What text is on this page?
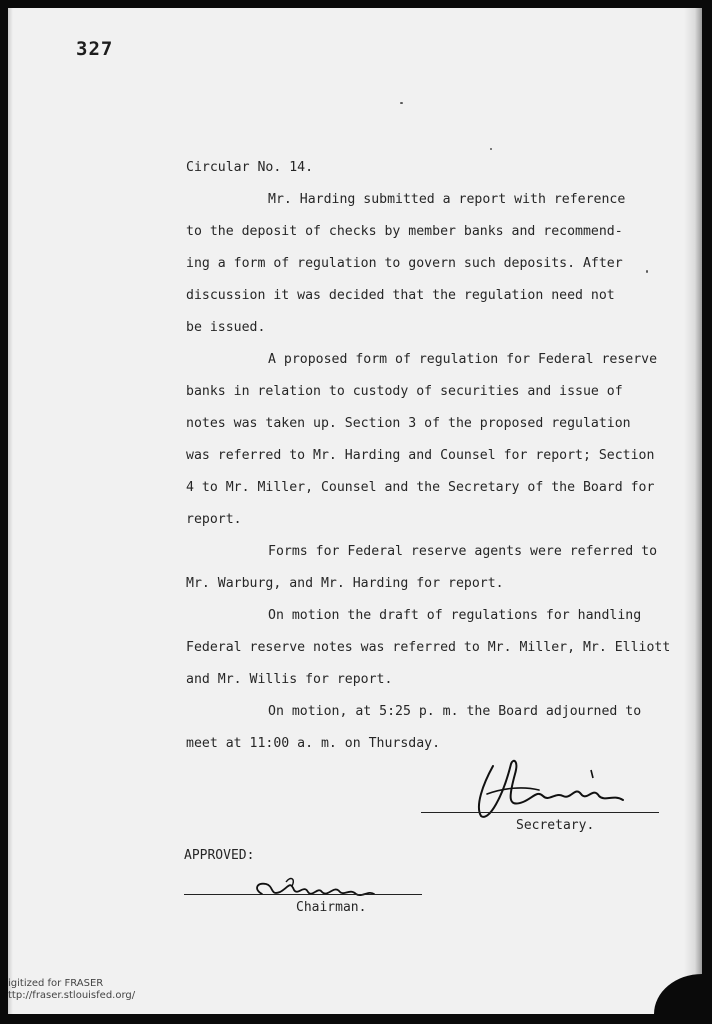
327
Circular No. 14.
Mr. Harding submitted a report with reference
to the deposit of checks by member banks and recommend-
ing a form of regulation to govern such deposits. After
discussion it was decided that the regulation need not
be issued.
A proposed form of regulation for Federal reserve
banks in relation to custody of securities and issue of
notes was taken up. Section 3 of the proposed regulation
was referred to Mr. Harding and Counsel for report; Section
4 to Mr. Miller, Counsel and the Secretary of the Board for
report.
Forms for Federal reserve agents were referred to
Mr. Warburg, and Mr. Harding for report.
On motion the draft of regulations for handling
Federal reserve notes was referred to Mr. Miller, Mr. Elliott
and Mr. Willis for report.
On motion, at 5:25 p. m. the Board adjourned to
meet at 11:00 a. m. on Thursday.
Secretary.
APPROVED:
Chairman.
igitized for FRASER
ttp://fraser.stlouisfed.org/
